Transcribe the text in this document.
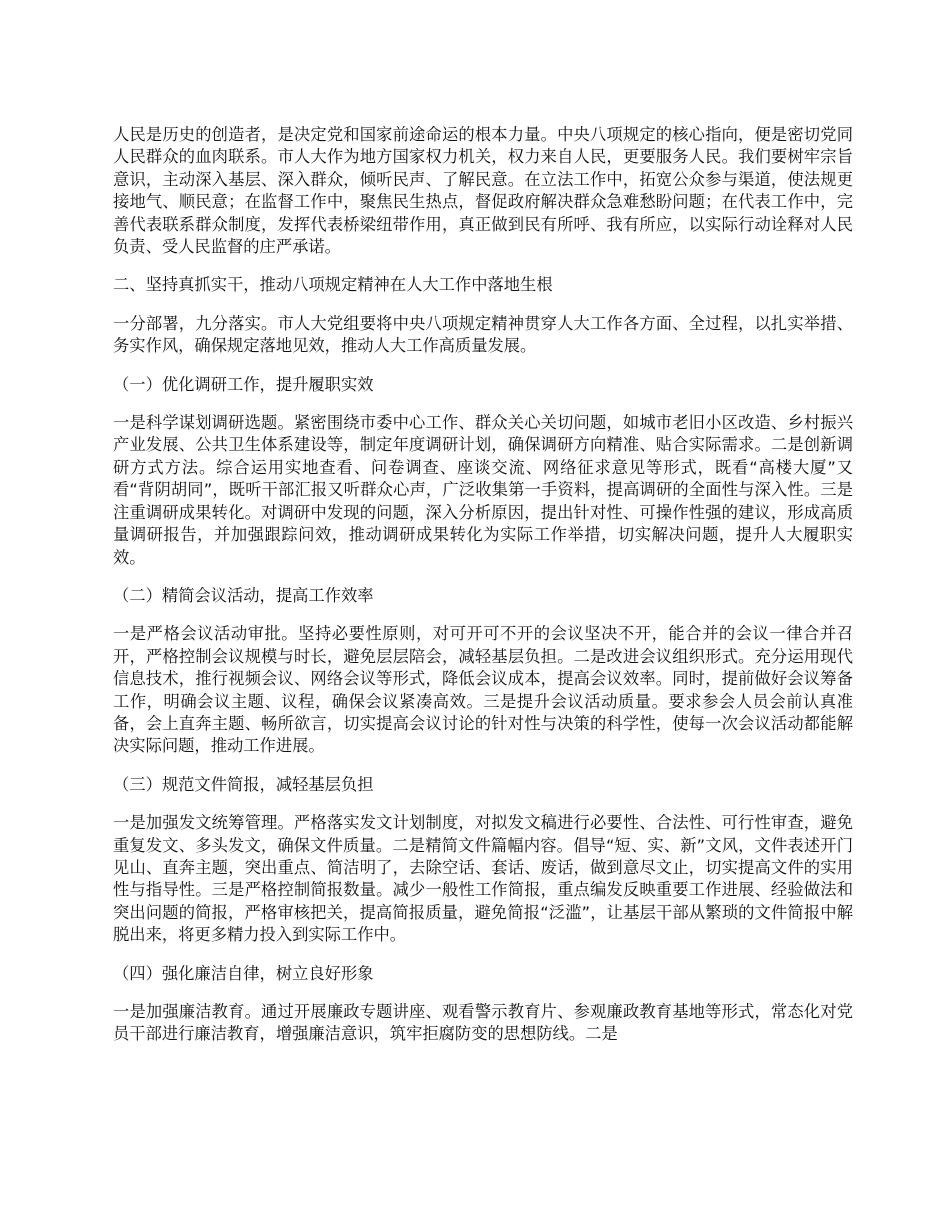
人民是历史的创造者，是决定党和国家前途命运的根本力量。中央八项规定的核心指向，便是密切党同人民群众的血肉联系。市人大作为地方国家权力机关，权力来自人民，更要服务人民。我们要树牢宗旨意识，主动深入基层、深入群众，倾听民声、了解民意。在立法工作中，拓宽公众参与渠道，使法规更接地气、顺民意；在监督工作中，聚焦民生热点，督促政府解决群众急难愁盼问题；在代表工作中，完善代表联系群众制度，发挥代表桥梁纽带作用，真正做到民有所呼、我有所应，以实际行动诠释对人民负责、受人民监督的庄严承诺。

二、坚持真抓实干，推动八项规定精神在人大工作中落地生根

一分部署，九分落实。市人大党组要将中央八项规定精神贯穿人大工作各方面、全过程，以扎实举措、务实作风，确保规定落地见效，推动人大工作高质量发展。

（一）优化调研工作，提升履职实效

一是科学谋划调研选题。紧密围绕市委中心工作、群众关心关切问题，如城市老旧小区改造、乡村振兴产业发展、公共卫生体系建设等，制定年度调研计划，确保调研方向精准、贴合实际需求。二是创新调研方式方法。综合运用实地查看、问卷调查、座谈交流、网络征求意见等形式，既看“高楼大厦”又看“背阴胡同”，既听干部汇报又听群众心声，广泛收集第一手资料，提高调研的全面性与深入性。三是注重调研成果转化。对调研中发现的问题，深入分析原因，提出针对性、可操作性强的建议，形成高质量调研报告，并加强跟踪问效，推动调研成果转化为实际工作举措，切实解决问题，提升人大履职实效。

（二）精简会议活动，提高工作效率

一是严格会议活动审批。坚持必要性原则，对可开可不开的会议坚决不开，能合并的会议一律合并召开，严格控制会议规模与时长，避免层层陪会，减轻基层负担。二是改进会议组织形式。充分运用现代信息技术，推行视频会议、网络会议等形式，降低会议成本，提高会议效率。同时，提前做好会议筹备工作，明确会议主题、议程，确保会议紧凑高效。三是提升会议活动质量。要求参会人员会前认真准备，会上直奔主题、畅所欲言，切实提高会议讨论的针对性与决策的科学性，使每一次会议活动都能解决实际问题，推动工作进展。

（三）规范文件简报，减轻基层负担

一是加强发文统筹管理。严格落实发文计划制度，对拟发文稿进行必要性、合法性、可行性审查，避免重复发文、多头发文，确保文件质量。二是精简文件篇幅内容。倡导“短、实、新”文风，文件表述开门见山、直奔主题，突出重点、简洁明了，去除空话、套话、废话，做到意尽文止，切实提高文件的实用性与指导性。三是严格控制简报数量。减少一般性工作简报，重点编发反映重要工作进展、经验做法和突出问题的简报，严格审核把关，提高简报质量，避免简报“泛滥”，让基层干部从繁琐的文件简报中解脱出来，将更多精力投入到实际工作中。

（四）强化廉洁自律，树立良好形象

一是加强廉洁教育。通过开展廉政专题讲座、观看警示教育片、参观廉政教育基地等形式，常态化对党员干部进行廉洁教育，增强廉洁意识，筑牢拒腐防变的思想防线。二是
